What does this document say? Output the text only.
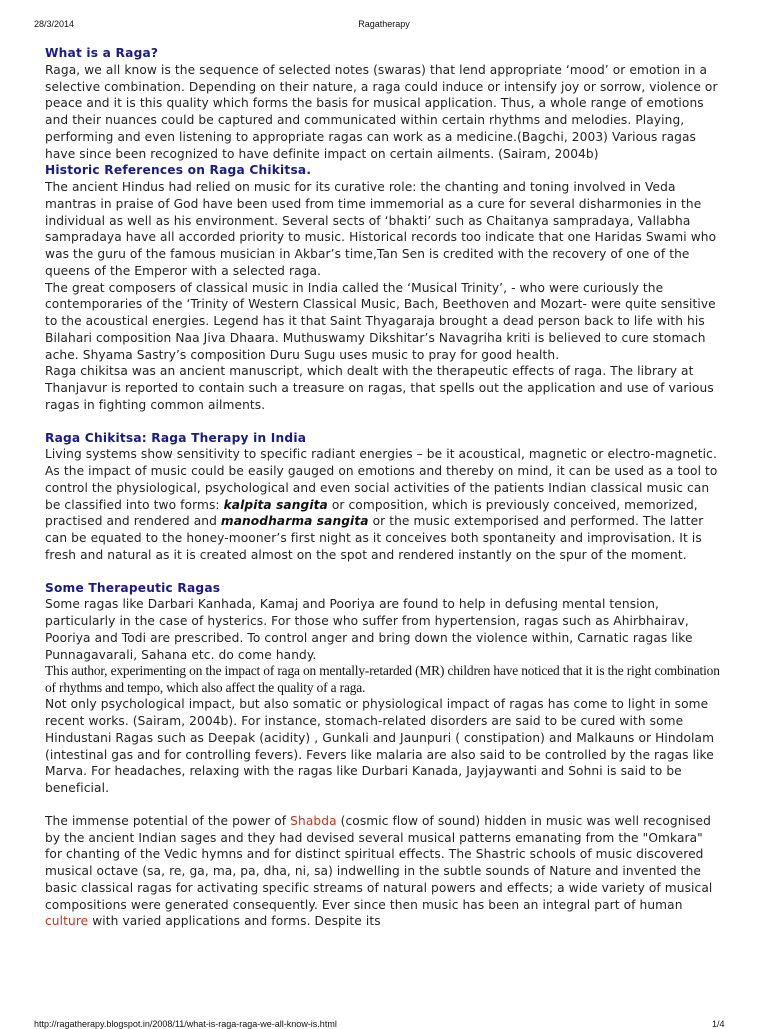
28/3/2014	Ragatherapy
What is a Raga?

Raga, we all know is the sequence of selected notes (swaras) that lend appropriate ‘mood’ or emotion in a selective combination. Depending on their nature, a raga could induce or intensify joy or sorrow, violence or peace and it is this quality which forms the basis for musical application. Thus, a whole range of emotions and their nuances could be captured and communicated within certain rhythms and melodies. Playing, performing and even listening to appropriate ragas can work as a medicine.(Bagchi, 2003) Various ragas have since been recognized to have definite impact on certain ailments. (Sairam, 2004b)

Historic References on Raga Chikitsa.

The ancient Hindus had relied on music for its curative role: the chanting and toning involved in Veda mantras in praise of God have been used from time immemorial as a cure for several disharmonies in the individual as well as his environment. Several sects of ‘bhakti’ such as Chaitanya sampradaya, Vallabha sampradaya have all accorded priority to music. Historical records too indicate that one Haridas Swami who was the guru of the famous musician in Akbar’s time,Tan Sen is credited with the recovery of one of the queens of the Emperor with a selected raga.

The great composers of classical music in India called the ‘Musical Trinity’, - who were curiously the contemporaries of the ‘Trinity of Western Classical Music, Bach, Beethoven and Mozart- were quite sensitive to the acoustical energies. Legend has it that Saint Thyagaraja brought a dead person back to life with his Bilahari composition Naa Jiva Dhaara. Muthuswamy Dikshitar’s Navagriha kriti is believed to cure stomach ache. Shyama Sastry’s composition Duru Sugu uses music to pray for good health.

Raga chikitsa was an ancient manuscript, which dealt with the therapeutic effects of raga. The library at Thanjavur is reported to contain such a treasure on ragas, that spells out the application and use of various ragas in fighting common ailments.

Raga Chikitsa: Raga Therapy in India

Living systems show sensitivity to specific radiant energies – be it acoustical, magnetic or electro-magnetic. As the impact of music could be easily gauged on emotions and thereby on mind, it can be used as a tool to control the physiological, psychological and even social activities of the patients Indian classical music can be classified into two forms: kalpita sangita or composition, which is previously conceived, memorized, practised and rendered and manodharma sangita or the music extemporised and performed. The latter can be equated to the honey-mooner’s first night as it conceives both spontaneity and improvisation. It is fresh and natural as it is created almost on the spot and rendered instantly on the spur of the moment.

Some Therapeutic Ragas

Some ragas like Darbari Kanhada, Kamaj and Pooriya are found to help in defusing mental tension, particularly in the case of hysterics. For those who suffer from hypertension, ragas such as Ahirbhairav, Pooriya and Todi are prescribed. To control anger and bring down the violence within, Carnatic ragas like Punnagavarali, Sahana etc. do come handy.

This author, experimenting on the impact of raga on mentally-retarded (MR) children have noticed that it is the right combination of rhythms and tempo, which also affect the quality of a raga.

Not only psychological impact, but also somatic or physiological impact of ragas has come to light in some recent works. (Sairam, 2004b). For instance, stomach-related disorders are said to be cured with some Hindustani Ragas such as Deepak (acidity) , Gunkali and Jaunpuri ( constipation) and Malkauns or Hindolam (intestinal gas and for controlling fevers). Fevers like malaria are also said to be controlled by the ragas like Marva. For headaches, relaxing with the ragas like Durbari Kanada, Jayjaywanti and Sohni is said to be beneficial.

The immense potential of the power of Shabda (cosmic flow of sound) hidden in music was well recognised by the ancient Indian sages and they had devised several musical patterns emanating from the "Omkara" for chanting of the Vedic hymns and for distinct spiritual effects. The Shastric schools of music discovered musical octave (sa, re, ga, ma, pa, dha, ni, sa) indwelling in the subtle sounds of Nature and invented the basic classical ragas for activating specific streams of natural powers and effects; a wide variety of musical compositions were generated consequently. Ever since then music has been an integral part of human culture with varied applications and forms. Despite its

http://ragatherapy.blogspot.in/2008/11/what-is-raga-raga-we-all-know-is.html	1/4
